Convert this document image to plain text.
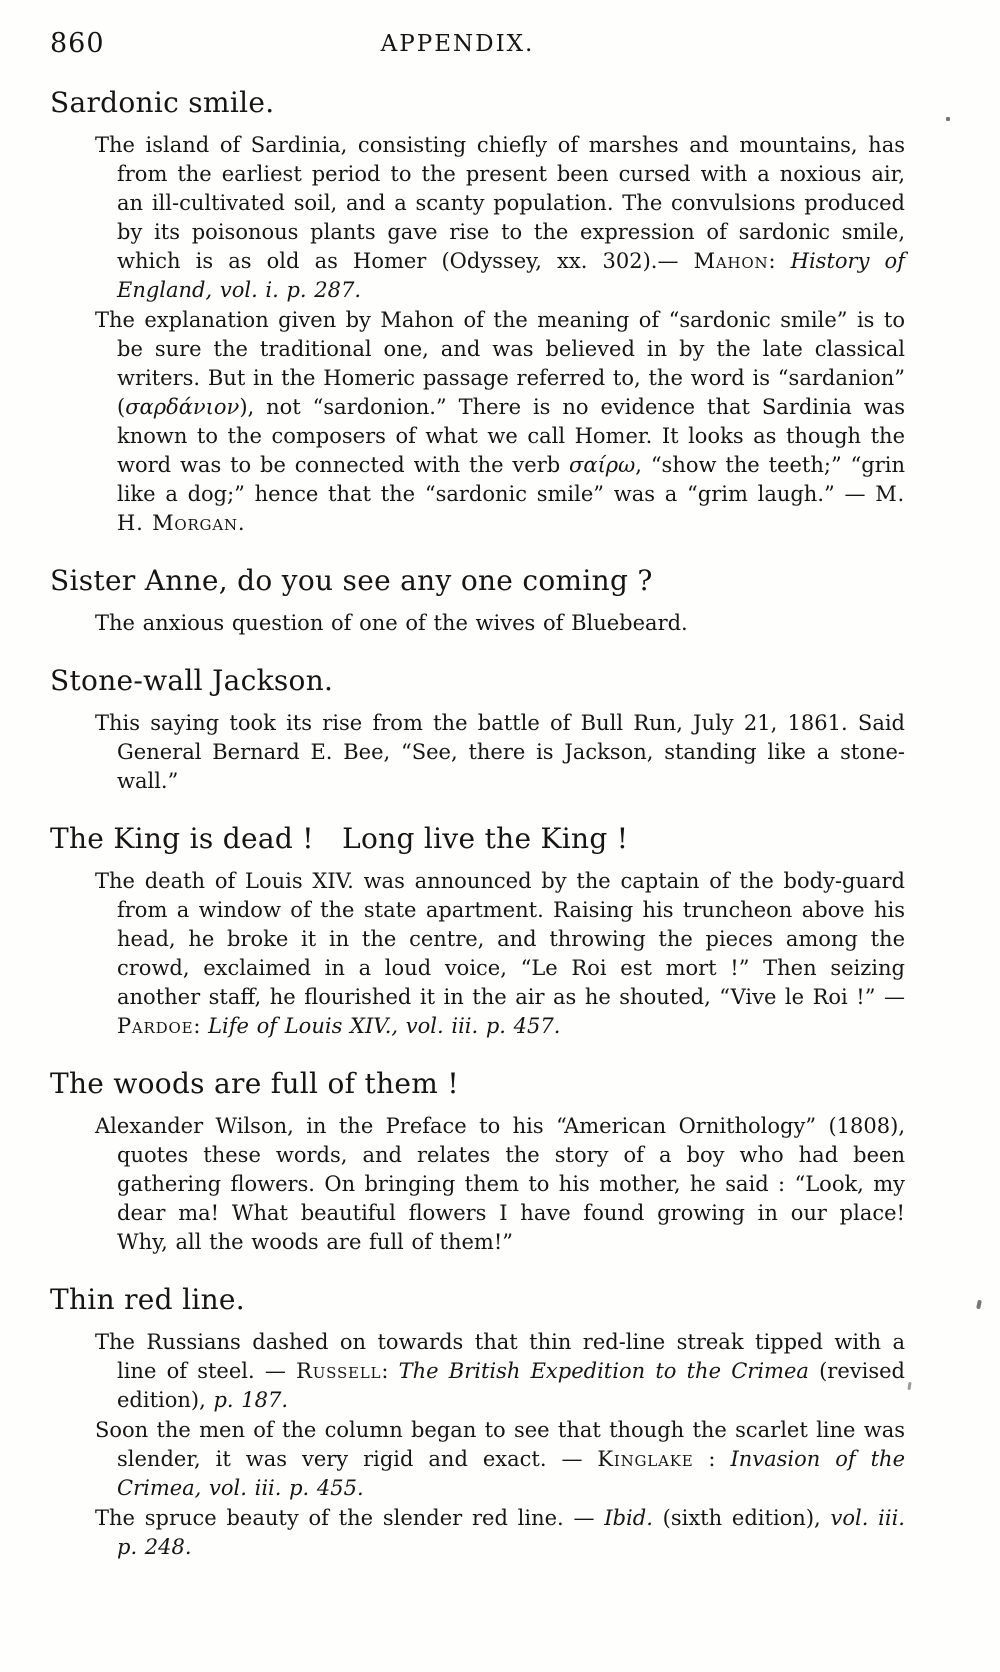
860	APPENDIX.
Sardonic smile.

The island of Sardinia, consisting chiefly of marshes and mountains, has from the earliest period to the present been cursed with a noxious air, an ill-cultivated soil, and a scanty population. The convulsions produced by its poisonous plants gave rise to the expression of sardonic smile, which is as old as Homer (Odyssey, xx. 302).— Mahon: History of England, vol. i. p. 287.

The explanation given by Mahon of the meaning of “sardonic smile” is to be sure the traditional one, and was believed in by the late classical writers. But in the Homeric passage referred to, the word is “sardanion” (σαρδάνιον), not “sardonion.” There is no evidence that Sardinia was known to the composers of what we call Homer. It looks as though the word was to be connected with the verb σαίρω, “show the teeth;” “grin like a dog;” hence that the “sardonic smile” was a “grim laugh.” — M. H. Morgan.

Sister Anne, do you see any one coming ?

The anxious question of one of the wives of Bluebeard.

Stone-wall Jackson.

This saying took its rise from the battle of Bull Run, July 21, 1861. Said General Bernard E. Bee, “See, there is Jackson, standing like a stone-wall.”

The King is dead ! Long live the King !

The death of Louis XIV. was announced by the captain of the body-guard from a window of the state apartment. Raising his truncheon above his head, he broke it in the centre, and throwing the pieces among the crowd, exclaimed in a loud voice, “Le Roi est mort !” Then seizing another staff, he flourished it in the air as he shouted, “Vive le Roi !” — Pardoe: Life of Louis XIV., vol. iii. p. 457.

The woods are full of them !

Alexander Wilson, in the Preface to his “American Ornithology” (1808), quotes these words, and relates the story of a boy who had been gathering flowers. On bringing them to his mother, he said : “Look, my dear ma! What beautiful flowers I have found growing in our place! Why, all the woods are full of them!”

Thin red line.

The Russians dashed on towards that thin red-line streak tipped with a line of steel. — Russell: The British Expedition to the Crimea (revised edition), p. 187.

Soon the men of the column began to see that though the scarlet line was slender, it was very rigid and exact. — Kinglake : Invasion of the Crimea, vol. iii. p. 455.

The spruce beauty of the slender red line. — Ibid. (sixth edition), vol. iii. p. 248.
